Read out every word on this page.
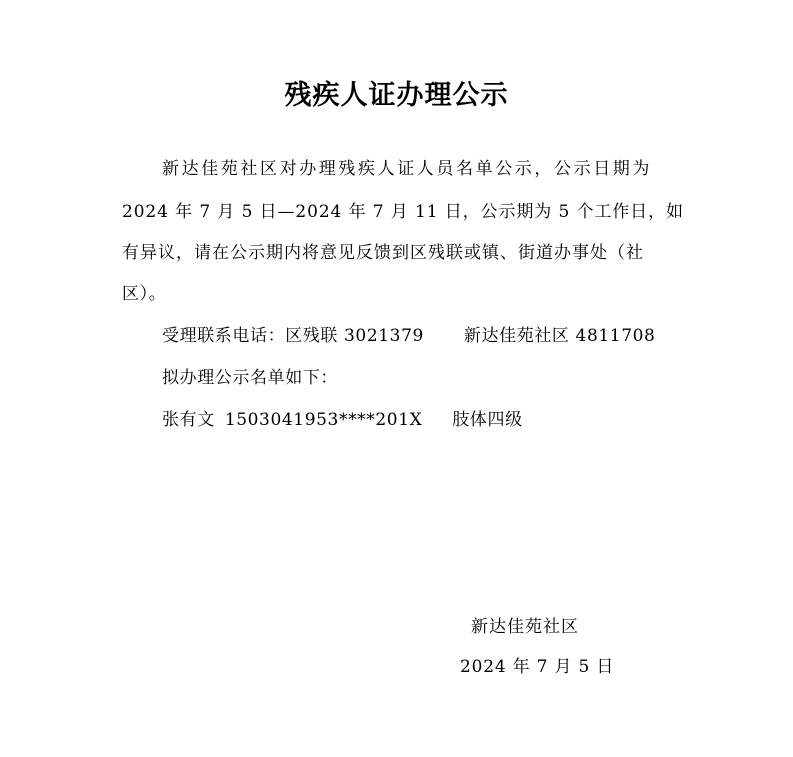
残疾人证办理公示
新达佳苑社区对办理残疾人证人员名单公示，公示日期为
2024 年 7 月 5 日—2024 年 7 月 11 日，公示期为 5 个工作日，如
有异议，请在公示期内将意见反馈到区残联或镇、街道办事处（社
区）。
受理联系电话：区残联 3021379 新达佳苑社区 4811708
拟办理公示名单如下：
张有文 1503041953****201X 肢体四级
新达佳苑社区
2024 年 7 月 5 日
